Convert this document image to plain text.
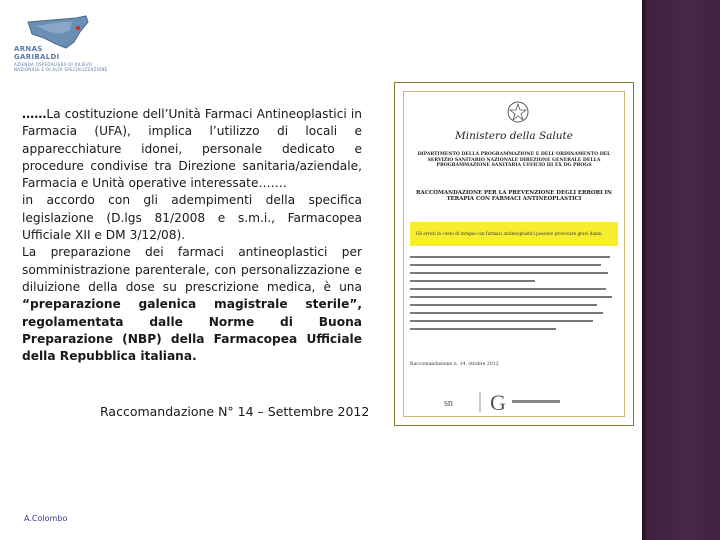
ARNAS
GARIBALDI
AZIENDA OSPEDALIERA DI RILIEVO
NAZIONALE E DI ALTA SPECIALIZZAZIONE

……La costituzione dell’Unità Farmaci Antineoplastici in Farmacia (UFA), implica l’utilizzo di locali e apparecchiature idonei, personale dedicato e procedure condivise tra Direzione sanitaria/aziendale, Farmacia e Unità operative interessate…….

in accordo con gli adempimenti della specifica legislazione (D.lgs 81/2008 e s.m.i., Farmacopea Ufficiale XII e DM 3/12/08).

La preparazione dei farmaci antineoplastici per somministrazione parenterale, con personalizzazione e diluizione della dose su prescrizione medica, è una “preparazione galenica magistrale sterile”, regolamentata dalle Norme di Buona Preparazione (NBP) della Farmacopea Ufficiale della Repubblica italiana.

Raccomandazione N° 14 – Settembre 2012
A.Colombo
Ministero della Salute
DIPARTIMENTO DELLA PROGRAMMAZIONE E DELL'ORDINAMENTO DEL SERVIZIO SANITARIO NAZIONALE DIREZIONE GENERALE DELLA PROGRAMMAZIONE SANITARIA UFFICIO III EX DG PROGS
RACCOMANDAZIONE PER LA PREVENZIONE DEGLI ERRORI IN TERAPIA CON FARMACI ANTINEOPLASTICI
Gli errori in corso di terapia con farmaci antineoplastici possono provocare gravi danni
Raccomandazione n. 14, ottobre 2012
sn G
